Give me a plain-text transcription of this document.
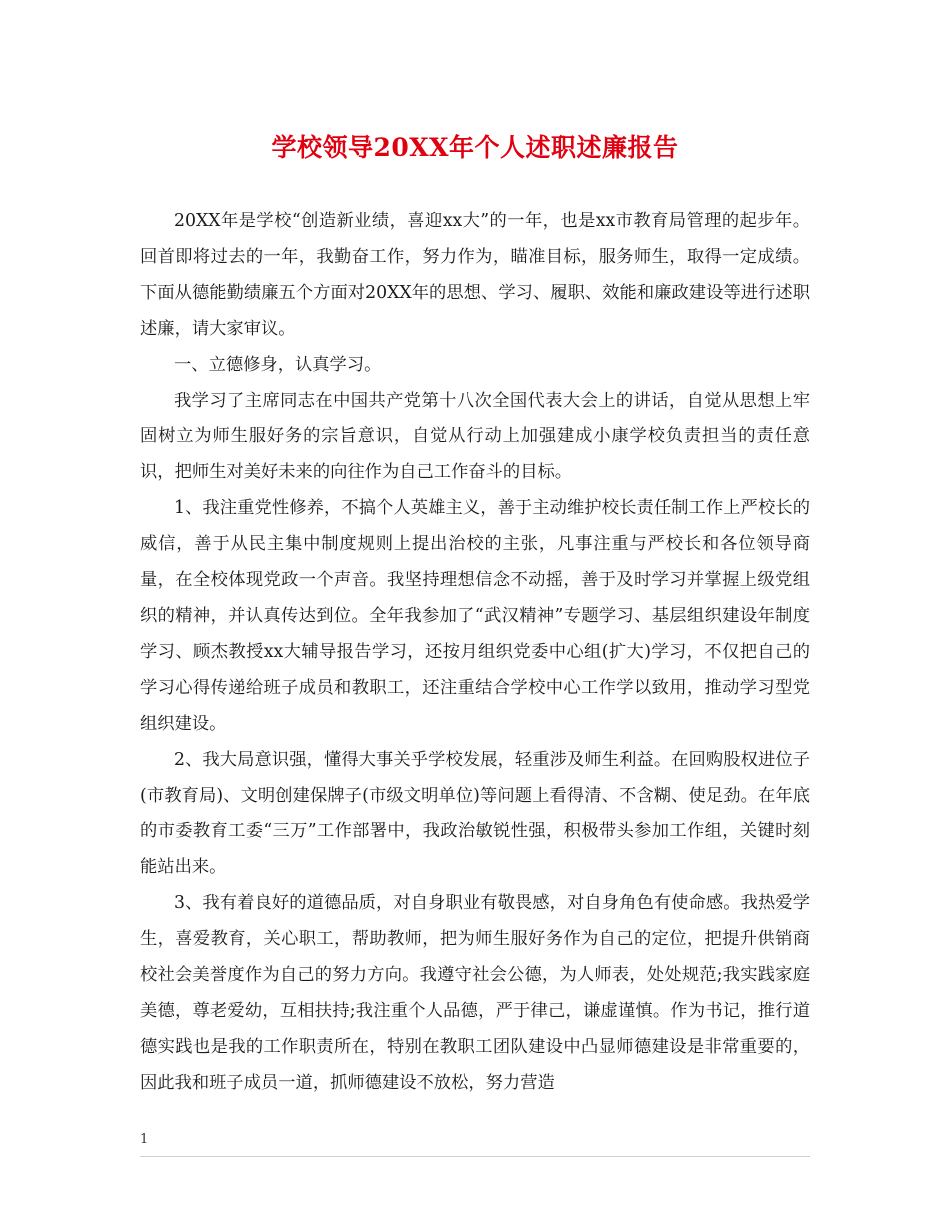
学校领导20XX年个人述职述廉报告

20XX年是学校“创造新业绩，喜迎xx大”的一年，也是xx市教育局管理的起步年。回首即将过去的一年，我勤奋工作，努力作为，瞄准目标，服务师生，取得一定成绩。下面从德能勤绩廉五个方面对20XX年的思想、学习、履职、效能和廉政建设等进行述职述廉，请大家审议。

一、立德修身，认真学习。

我学习了主席同志在中国共产党第十八次全国代表大会上的讲话，自觉从思想上牢固树立为师生服好务的宗旨意识，自觉从行动上加强建成小康学校负责担当的责任意识，把师生对美好未来的向往作为自己工作奋斗的目标。

1、我注重党性修养，不搞个人英雄主义，善于主动维护校长责任制工作上严校长的威信，善于从民主集中制度规则上提出治校的主张，凡事注重与严校长和各位领导商量，在全校体现党政一个声音。我坚持理想信念不动摇，善于及时学习并掌握上级党组织的精神，并认真传达到位。全年我参加了“武汉精神”专题学习、基层组织建设年制度学习、顾杰教授xx大辅导报告学习，还按月组织党委中心组(扩大)学习，不仅把自己的学习心得传递给班子成员和教职工，还注重结合学校中心工作学以致用，推动学习型党组织建设。

2、我大局意识强，懂得大事关乎学校发展，轻重涉及师生利益。在回购股权进位子(市教育局)、文明创建保牌子(市级文明单位)等问题上看得清、不含糊、使足劲。在年底的市委教育工委“三万”工作部署中，我政治敏锐性强，积极带头参加工作组，关键时刻能站出来。

3、我有着良好的道德品质，对自身职业有敬畏感，对自身角色有使命感。我热爱学生，喜爱教育，关心职工，帮助教师，把为师生服好务作为自己的定位，把提升供销商校社会美誉度作为自己的努力方向。我遵守社会公德，为人师表，处处规范;我实践家庭美德，尊老爱幼，互相扶持;我注重个人品德，严于律己，谦虚谨慎。作为书记，推行道德实践也是我的工作职责所在，特别在教职工团队建设中凸显师德建设是非常重要的，因此我和班子成员一道，抓师德建设不放松，努力营造

1
